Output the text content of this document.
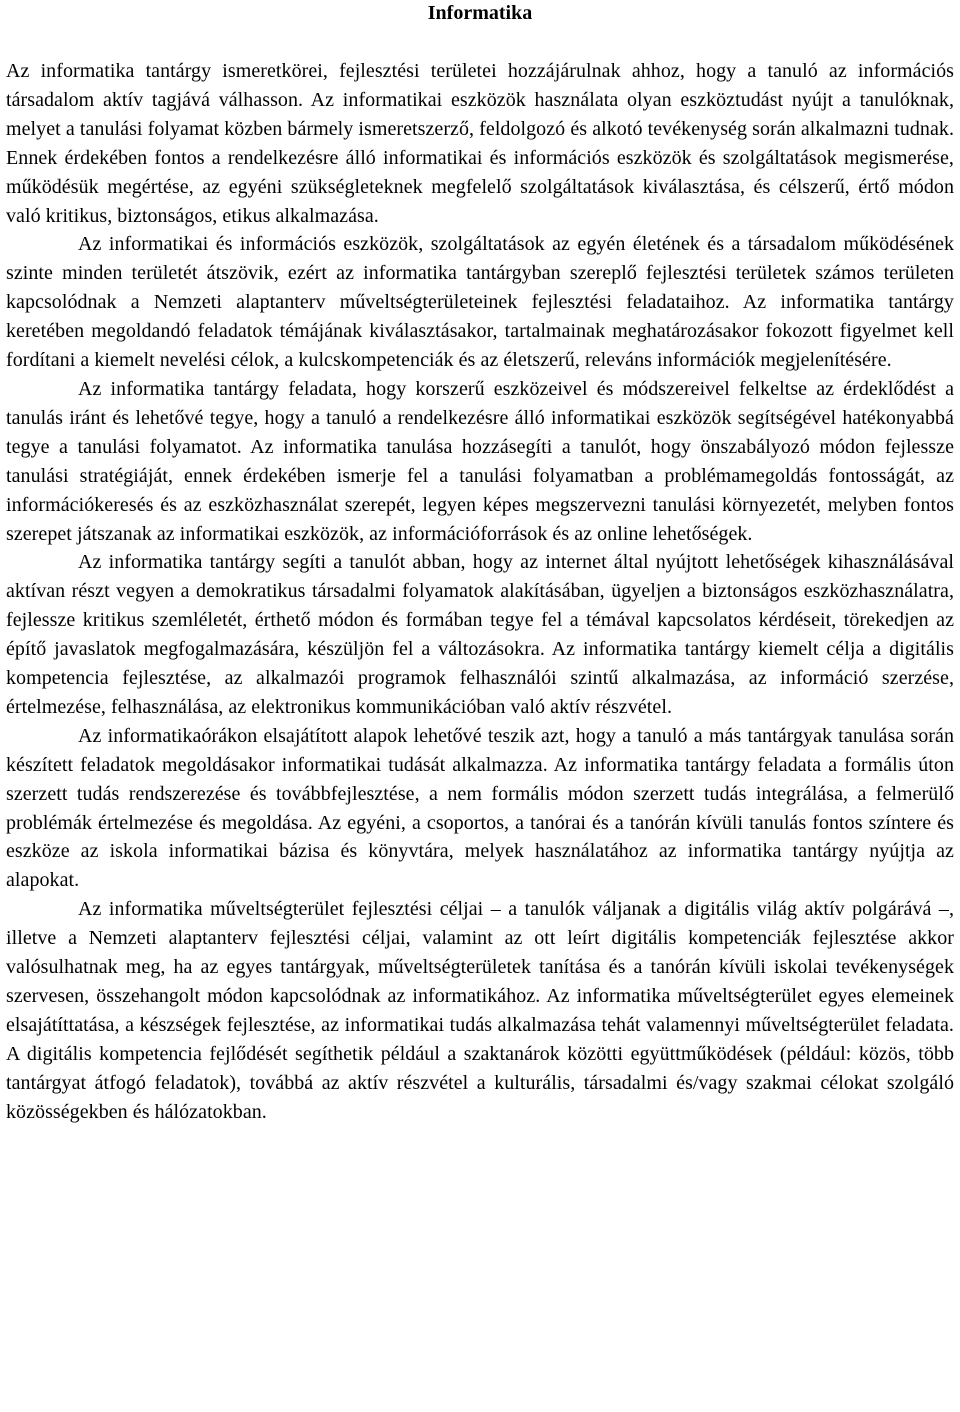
Informatika

Az informatika tantárgy ismeretkörei, fejlesztési területei hozzájárulnak ahhoz, hogy a tanuló az információs társadalom aktív tagjává válhasson. Az informatikai eszközök használata olyan eszköztudást nyújt a tanulóknak, melyet a tanulási folyamat közben bármely ismeretszerző, feldolgozó és alkotó tevékenység során alkalmazni tudnak. Ennek érdekében fontos a rendelkezésre álló informatikai és információs eszközök és szolgáltatások megismerése, működésük megértése, az egyéni szükségleteknek megfelelő szolgáltatások kiválasztása, és célszerű, értő módon való kritikus, biztonságos, etikus alkalmazása.

Az informatikai és információs eszközök, szolgáltatások az egyén életének és a társadalom működésének szinte minden területét átszövik, ezért az informatika tantárgyban szereplő fejlesztési területek számos területen kapcsolódnak a Nemzeti alaptanterv műveltségterületeinek fejlesztési feladataihoz. Az informatika tantárgy keretében megoldandó feladatok témájának kiválasztásakor, tartalmainak meghatározásakor fokozott figyelmet kell fordítani a kiemelt nevelési célok, a kulcskompetenciák és az életszerű, releváns információk megjelenítésére.

Az informatika tantárgy feladata, hogy korszerű eszközeivel és módszereivel felkeltse az érdeklődést a tanulás iránt és lehetővé tegye, hogy a tanuló a rendelkezésre álló informatikai eszközök segítségével hatékonyabbá tegye a tanulási folyamatot. Az informatika tanulása hozzásegíti a tanulót, hogy önszabályozó módon fejlessze tanulási stratégiáját, ennek érdekében ismerje fel a tanulási folyamatban a problémamegoldás fontosságát, az információkeresés és az eszközhasználat szerepét, legyen képes megszervezni tanulási környezetét, melyben fontos szerepet játszanak az informatikai eszközök, az információforrások és az online lehetőségek.

Az informatika tantárgy segíti a tanulót abban, hogy az internet által nyújtott lehetőségek kihasználásával aktívan részt vegyen a demokratikus társadalmi folyamatok alakításában, ügyeljen a biztonságos eszközhasználatra, fejlessze kritikus szemléletét, érthető módon és formában tegye fel a témával kapcsolatos kérdéseit, törekedjen az építő javaslatok megfogalmazására, készüljön fel a változásokra. Az informatika tantárgy kiemelt célja a digitális kompetencia fejlesztése, az alkalmazói programok felhasználói szintű alkalmazása, az információ szerzése, értelmezése, felhasználása, az elektronikus kommunikációban való aktív részvétel.

Az informatikaórákon elsajátított alapok lehetővé teszik azt, hogy a tanuló a más tantárgyak tanulása során készített feladatok megoldásakor informatikai tudását alkalmazza. Az informatika tantárgy feladata a formális úton szerzett tudás rendszerezése és továbbfejlesztése, a nem formális módon szerzett tudás integrálása, a felmerülő problémák értelmezése és megoldása. Az egyéni, a csoportos, a tanórai és a tanórán kívüli tanulás fontos színtere és eszköze az iskola informatikai bázisa és könyvtára, melyek használatához az informatika tantárgy nyújtja az alapokat.

Az informatika műveltségterület fejlesztési céljai – a tanulók váljanak a digitális világ aktív polgárává –, illetve a Nemzeti alaptanterv fejlesztési céljai, valamint az ott leírt digitális kompetenciák fejlesztése akkor valósulhatnak meg, ha az egyes tantárgyak, műveltségterületek tanítása és a tanórán kívüli iskolai tevékenységek szervesen, összehangolt módon kapcsolódnak az informatikához. Az informatika műveltségterület egyes elemeinek elsajátíttatása, a készségek fejlesztése, az informatikai tudás alkalmazása tehát valamennyi műveltségterület feladata. A digitális kompetencia fejlődését segíthetik például a szaktanárok közötti együttműködések (például: közös, több tantárgyat átfogó feladatok), továbbá az aktív részvétel a kulturális, társadalmi és/vagy szakmai célokat szolgáló közösségekben és hálózatokban.
